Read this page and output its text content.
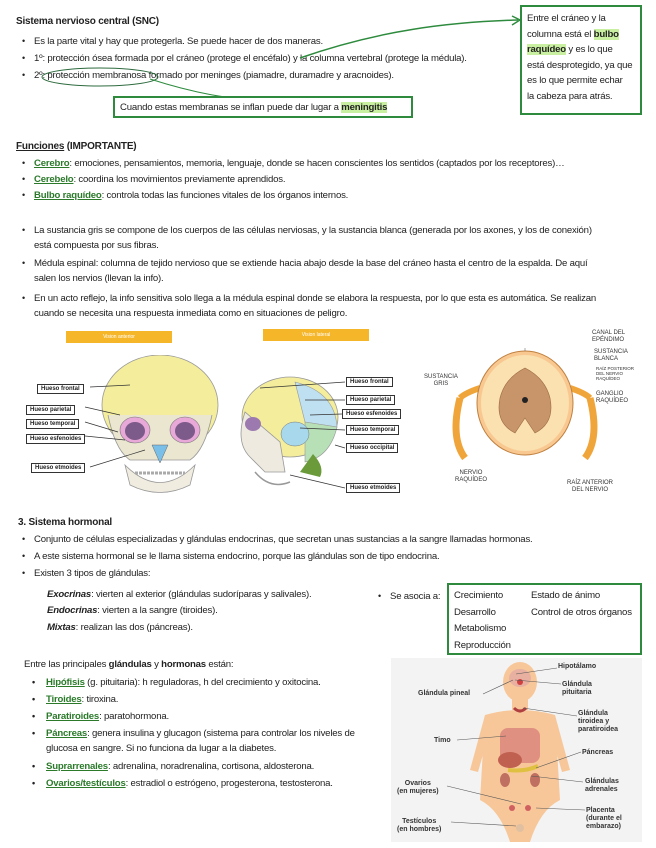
Sistema nervioso central (SNC)
• Es la parte vital y hay que protegerla. Se puede hacer de dos maneras.
• 1º: protección ósea formada por el cráneo (protege el encéfalo) y la columna vertebral (protege la médula).
• 2º: protección membranosa formado por meninges (piamadre, duramadre y aracnoides).
Cuando estas membranas se inflan puede dar lugar a meningitis
Entre el cráneo y la
columna está el bulbo
raquídeo y es lo que
está desprotegido, ya que
es lo que permite echar
la cabeza para atrás.
Funciones (IMPORTANTE)
• Cerebro: emociones, pensamientos, memoria, lenguaje, donde se hacen conscientes los sentidos (captados por los receptores)…
• Cerebelo: coordina los movimientos previamente aprendidos.
• Bulbo raquídeo: controla todas las funciones vitales de los órganos internos.
• La sustancia gris se compone de los cuerpos de las células nerviosas, y la sustancia blanca (generada por los axones, y los de conexión)
está compuesta por sus fibras.
• Médula espinal: columna de tejido nervioso que se extiende hacia abajo desde la base del cráneo hasta el centro de la espalda. De aquí
salen los nervios (llevan la info).
• En un acto reflejo, la info sensitiva solo llega a la médula espinal donde se elabora la respuesta, por lo que esta es automática. Se realizan
cuando se necesita una respuesta inmediata como en situaciones de peligro.
Vision anterior	Vision lateral
Hueso frontal
Hueso parietal
Hueso temporal
Hueso esfenoides
Hueso etmoides
Hueso frontal
Hueso parietal
Hueso esfenoides
Hueso temporal
Hueso occipital
Hueso etmoides
CANAL DEL
EPÉNDIMO
SUSTANCIA
BLANCA
RAÍZ POSTERIOR
DEL NERVIO
RAQUÍDEO
GANGLIO
RAQUÍDEO
SUSTANCIA
GRIS
NERVIO
RAQUÍDEO	RAÍZ ANTERIOR
DEL NERVIO
3. Sistema hormonal
• Conjunto de células especializadas y glándulas endocrinas, que secretan unas sustancias a la sangre llamadas hormonas.
• A este sistema hormonal se le llama sistema endocrino, porque las glándulas son de tipo endocrina.
• Existen 3 tipos de glándulas:
Exocrinas: vierten al exterior (glándulas sudoríparas y salivales).
Endocrinas: vierten a la sangre (tiroides).
Mixtas: realizan las dos (páncreas).
• Se asocia a: Crecimiento
Desarrollo
Metabolismo
Reproducción
Estado de ánimo
Control de otros órganos
Entre las principales glándulas y hormonas están:
• Hipófisis (g. pituitaria): h reguladoras, h del crecimiento y oxitocina.
• Tiroides: tiroxina.
• Paratiroides: paratohormona.
• Páncreas: genera insulina y glucagon (sistema para controlar los niveles de
glucosa en sangre. Si no funciona da lugar a la diabetes.
• Suprarrenales: adrenalina, noradrenalina, cortisona, aldosterona.
• Ovarios/testículos: estradiol o estrógeno, progesterona, testosterona.
Hipotálamo
Glándula
pituitaria
Glándula pineal
Glándula
tiroidea y
paratiroidea
Timo
Páncreas
Ovarios
(en mujeres)
Glándulas
adrenales
Placenta
(durante el
embarazo)
Testículos
(en hombres)
